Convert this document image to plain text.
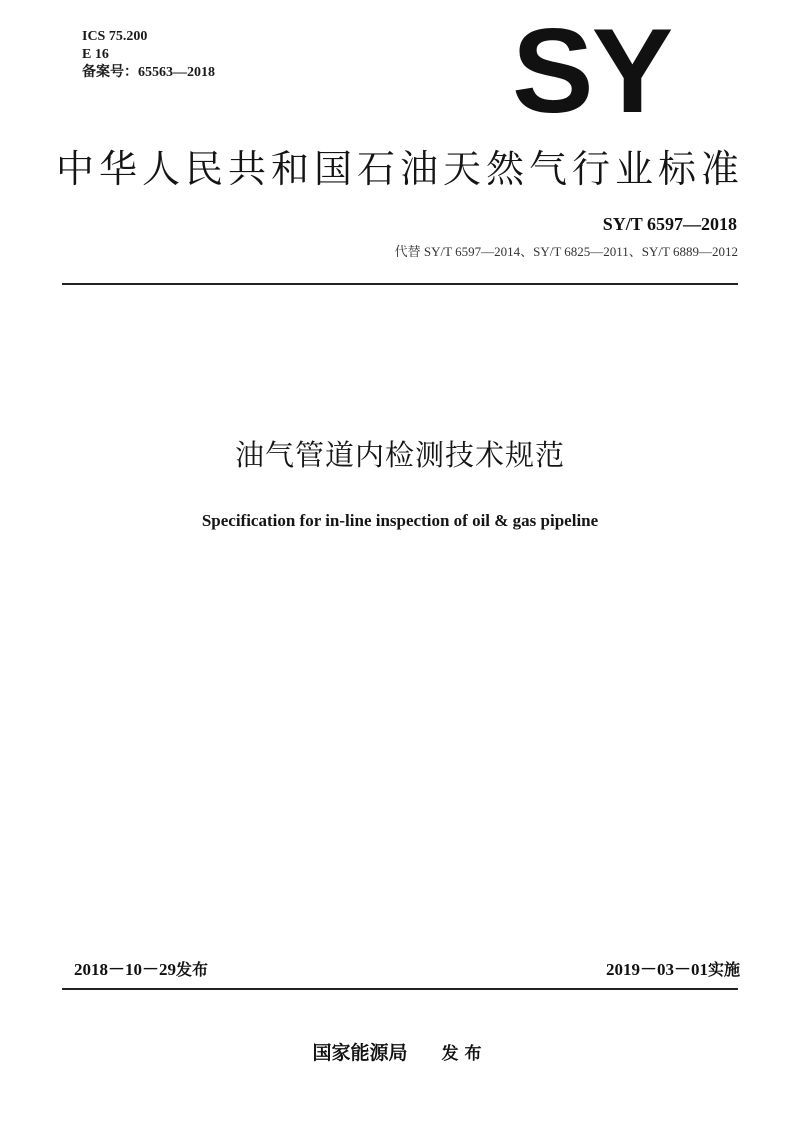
ICS 75.200
E 16
备案号：65563—2018 SY
中华人民共和国石油天然气行业标准
SY/T 6597—2018
代替 SY/T 6597—2014、SY/T 6825—2011、SY/T 6889—2012
油气管道内检测技术规范
Specification for in-line inspection of oil & gas pipeline
2018－10－29发布	2019－03－01实施
国家能源局 发布
